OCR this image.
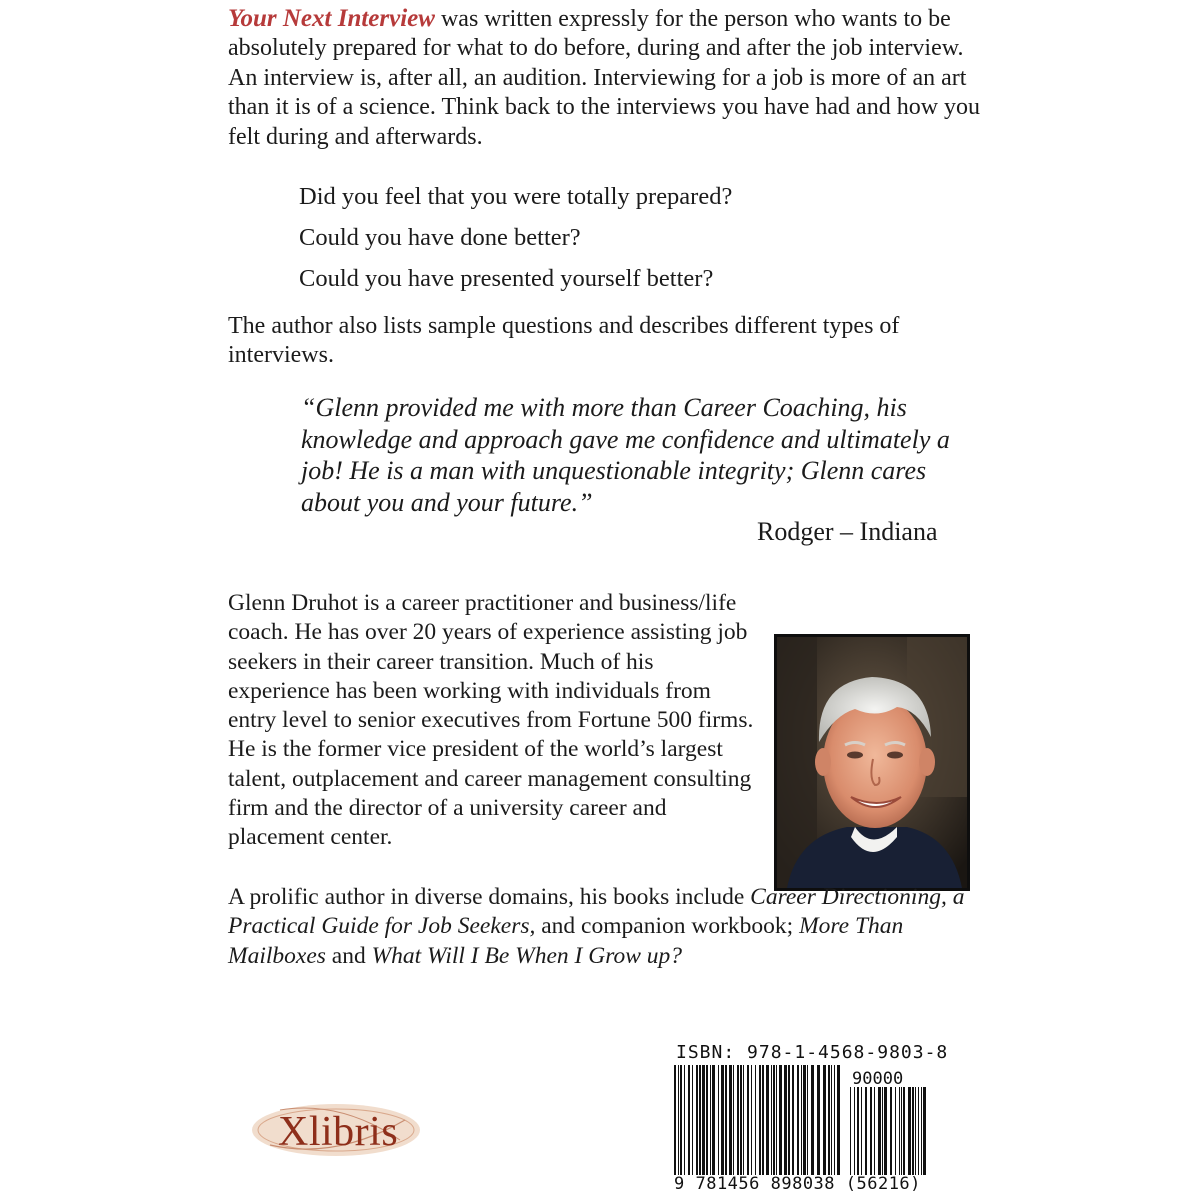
Your Next Interview was written expressly for the person who wants to be absolutely prepared for what to do before, during and after the job interview. An interview is, after all, an audition. Interviewing for a job is more of an art than it is of a science. Think back to the interviews you have had and how you felt during and afterwards.

Did you feel that you were totally prepared?

Could you have done better?

Could you have presented yourself better?

The author also lists sample questions and describes different types of interviews.

“Glenn provided me with more than Career Coaching, his knowledge and approach gave me confidence and ultimately a job! He is a man with unquestionable integrity; Glenn cares about you and your future.”

Rodger – Indiana

Glenn Druhot is a career practitioner and business/life coach. He has over 20 years of experience assisting job seekers in their career transition. Much of his experience has been working with individuals from entry level to senior executives from Fortune 500 firms. He is the former vice president of the world’s largest talent, outplacement and career management consulting firm and the director of a university career and placement center.

A prolific author in diverse domains, his books include Career Directioning, a Practical Guide for Job Seekers, and companion workbook; More Than Mailboxes and What Will I Be When I Grow up?

Xlibris
ISBN: 978-1-4568-9803-8
90000
9 781456 898038 (56216)
